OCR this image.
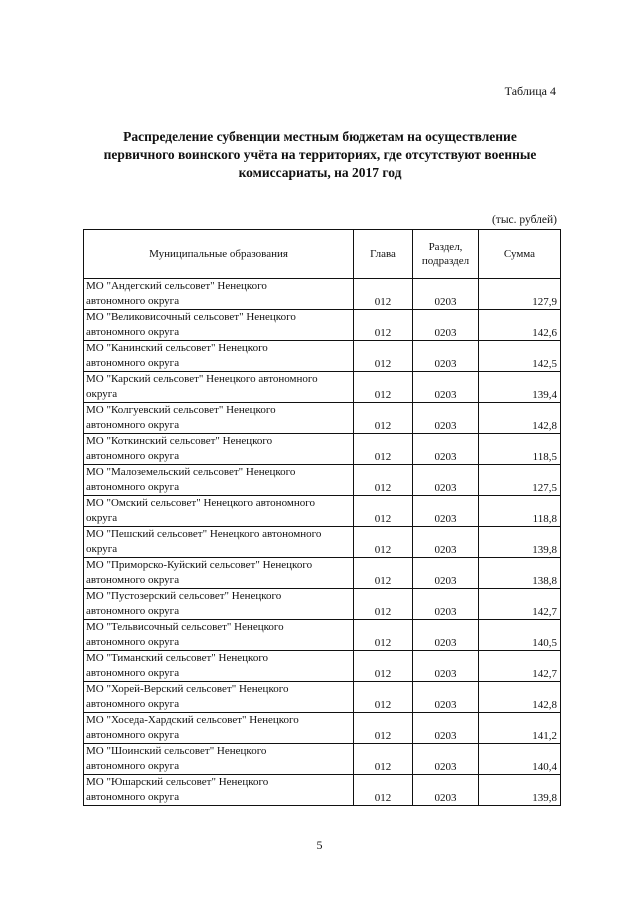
Таблица 4
Распределение субвенции местным бюджетам на осуществление
первичного воинского учёта на территориях, где отсутствуют военные
комиссариаты, на 2017 год
(тыс. рублей)
Муниципальные образования	Глава	Раздел,
подраздел	Сумма
МО "Андегский сельсовет" Ненецкого
автономного округа	012	0203	127,9
МО "Великовисочный сельсовет" Ненецкого
автономного округа	012	0203	142,6
МО "Канинский сельсовет" Ненецкого
автономного округа	012	0203	142,5
МО "Карский сельсовет" Ненецкого автономного
округа	012	0203	139,4
МО "Колгуевский сельсовет" Ненецкого
автономного округа	012	0203	142,8
МО "Коткинский сельсовет" Ненецкого
автономного округа	012	0203	118,5
МО "Малоземельский сельсовет" Ненецкого
автономного округа	012	0203	127,5
МО "Омский сельсовет" Ненецкого автономного
округа	012	0203	118,8
МО "Пешский сельсовет" Ненецкого автономного
округа	012	0203	139,8
МО "Приморско-Куйский сельсовет" Ненецкого
автономного округа	012	0203	138,8
МО "Пустозерский сельсовет" Ненецкого
автономного округа	012	0203	142,7
МО "Тельвисочный сельсовет" Ненецкого
автономного округа	012	0203	140,5
МО "Тиманский сельсовет" Ненецкого
автономного округа	012	0203	142,7
МО "Хорей-Верский сельсовет" Ненецкого
автономного округа	012	0203	142,8
МО "Хоседа-Хардский сельсовет" Ненецкого
автономного округа	012	0203	141,2
МО "Шоинский сельсовет" Ненецкого
автономного округа	012	0203	140,4
МО "Юшарский сельсовет" Ненецкого
автономного округа	012	0203	139,8
5
